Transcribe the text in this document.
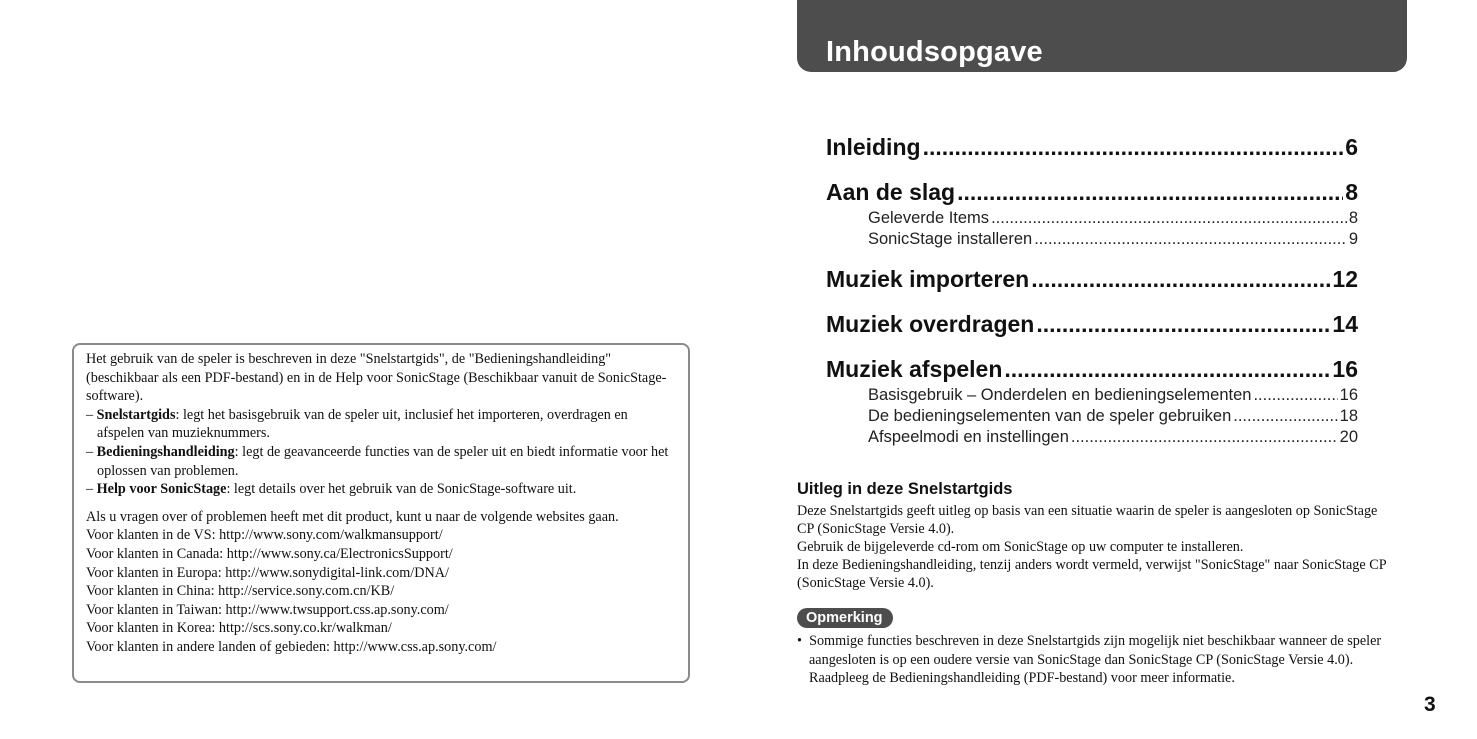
Het gebruik van de speler is beschreven in deze "Snelstartgids", de "Bedieningshandleiding" (beschikbaar als een PDF-bestand) en in de Help voor SonicStage (Beschikbaar vanuit de SonicStage-software).

– Snelstartgids: legt het basisgebruik van de speler uit, inclusief het importeren, overdragen en afspelen van muzieknummers.

– Bedieningshandleiding: legt de geavanceerde functies van de speler uit en biedt informatie voor het oplossen van problemen.

– Help voor SonicStage: legt details over het gebruik van de SonicStage-software uit.

Als u vragen over of problemen heeft met dit product, kunt u naar de volgende websites gaan.

Voor klanten in de VS: http://www.sony.com/walkmansupport/

Voor klanten in Canada: http://www.sony.ca/ElectronicsSupport/

Voor klanten in Europa: http://www.sonydigital-link.com/DNA/

Voor klanten in China: http://service.sony.com.cn/KB/

Voor klanten in Taiwan: http://www.twsupport.css.ap.sony.com/

Voor klanten in Korea: http://scs.sony.co.kr/walkman/

Voor klanten in andere landen of gebieden: http://www.css.ap.sony.com/

Inhoudsopgave
Inleiding .....	6
Aan de slag .....	8
Geleverde Items .....	8
SonicStage installeren .....	9
Muziek importeren .....	12
Muziek overdragen .....	14
Muziek afspelen .....	16
Basisgebruik – Onderdelen en bedieningselementen .....	16
De bedieningselementen van de speler gebruiken .....	18
Afspeelmodi en instellingen .....	20
Uitleg in deze Snelstartgids

Deze Snelstartgids geeft uitleg op basis van een situatie waarin de speler is aangesloten op SonicStage CP (SonicStage Versie 4.0).

Gebruik de bijgeleverde cd-rom om SonicStage op uw computer te installeren.

In deze Bedieningshandleiding, tenzij anders wordt vermeld, verwijst "SonicStage" naar SonicStage CP (SonicStage Versie 4.0).

Opmerking

•  Sommige functies beschreven in deze Snelstartgids zijn mogelijk niet beschikbaar wanneer de speler aangesloten is op een oudere versie van SonicStage dan SonicStage CP (SonicStage Versie 4.0). Raadpleeg de Bedieningshandleiding (PDF-bestand) voor meer informatie.

3
